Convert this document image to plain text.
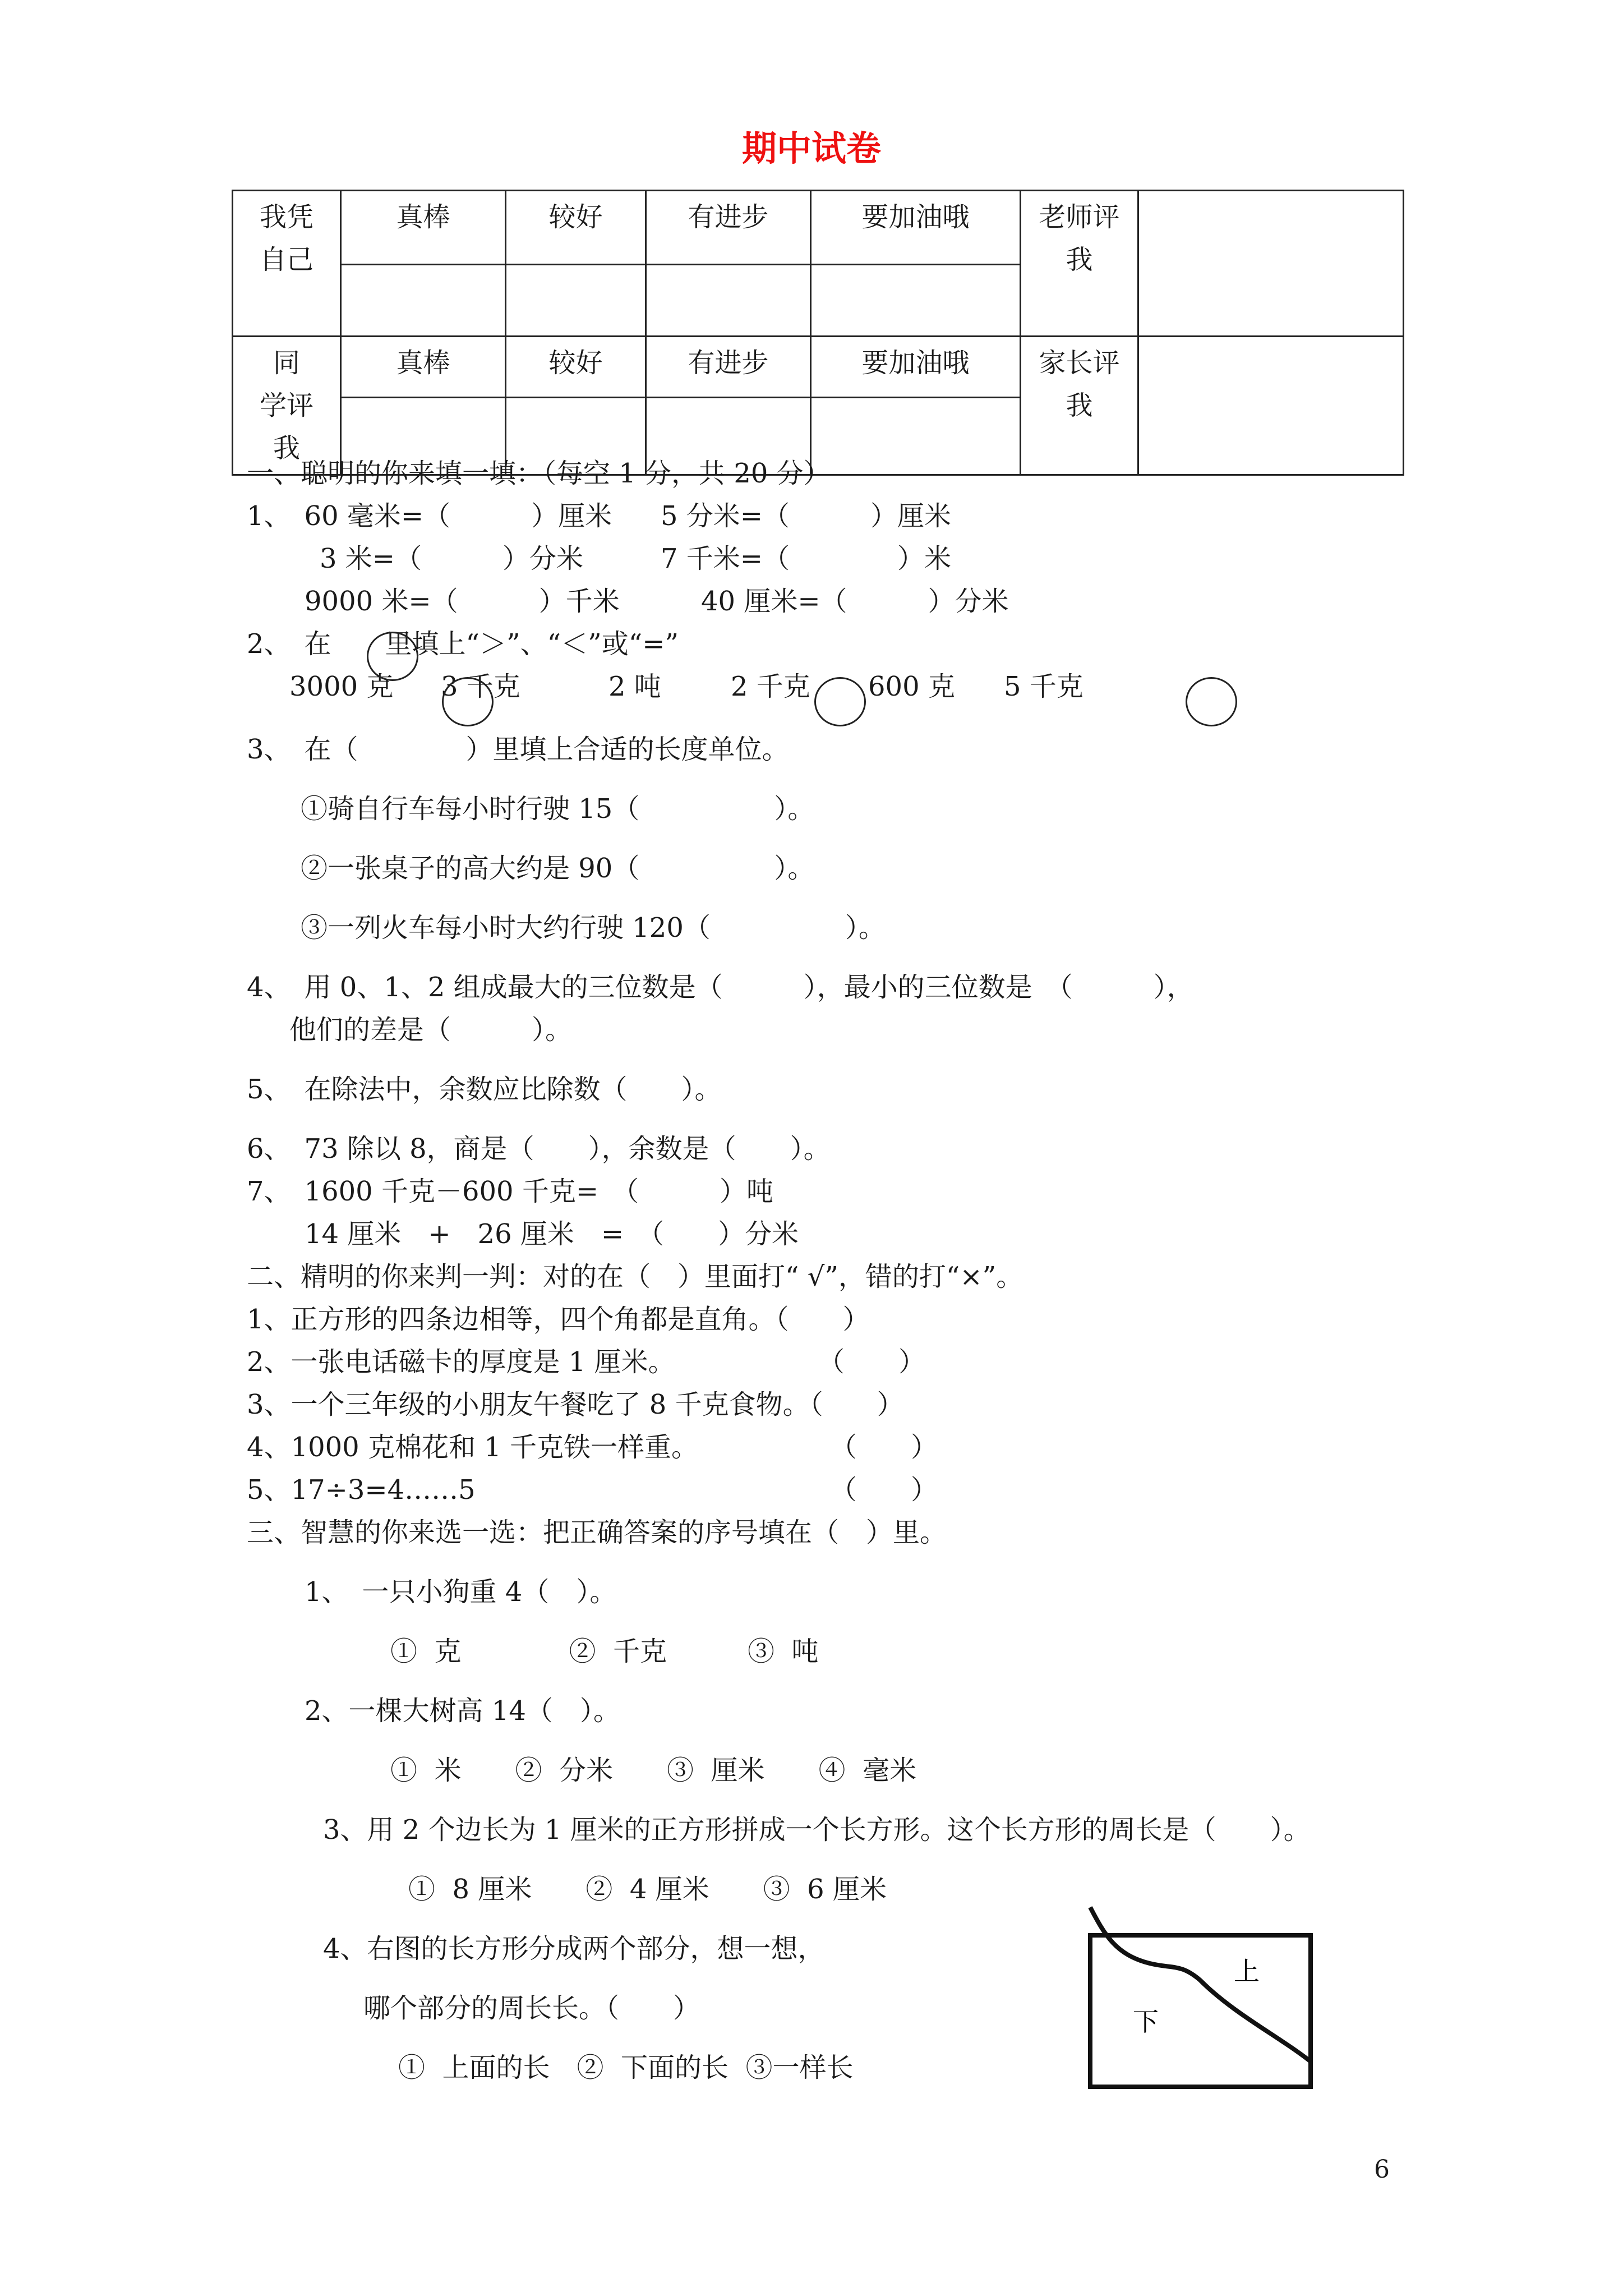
期中试卷
我凭自己	真棒	较好	有进步	要加油哦	老师评我	

同　学评我	真棒	较好	有进步	要加油哦	家长评我	

一、聪明的你来填一填：（每空 1 分，共 20 分）
1、　60 毫米=（　　　）厘米 5 分米=（　　　）厘米
3 米=（　　　）分米	7 千米=（　　　　）米
9000 米=（　　　）千米	40 厘米=（　　　）分米
2、　在　　里填上“＞”、“＜”或“=”
3000 克 3 千克	2 吨	2 千克 600 克 5 千克
3、　在（　　　　）里填上合适的长度单位。
①骑自行车每小时行驶 15（　　　　　）。
②一张桌子的高大约是 90（　　　　　）。
③一列火车每小时大约行驶 120（　　　　　）。
4、　用 0、1、2 组成最大的三位数是（　　　），最小的三位数是　（　　　），
他们的差是（　　　）。
5、　在除法中，余数应比除数（　　）。
6、　73 除以 8，商是（　　），余数是（　　）。
7、　1600 千克－600 千克=　（　　　）吨
14 厘米　+　26 厘米　=　（　　）分米
二、精明的你来判一判：对的在（　）里面打“ √”，错的打“×”。
1、正方形的四条边相等，四个角都是直角。（　　）
2、一张电话磁卡的厚度是 1 厘米。	（　　）
3、一个三年级的小朋友午餐吃了 8 千克食物。（　　）
4、1000 克棉花和 1 千克铁一样重。	（　　）
5、17÷3=4……5	（　　）
三、智慧的你来选一选：把正确答案的序号填在（　）里。
1、　一只小狗重 4（　）。
①  克　　　　②  千克　　　③  吨
2、一棵大树高 14（　）。
①  米　　②  分米　　③  厘米　　④  毫米
3、用 2 个边长为 1 厘米的正方形拼成一个长方形。这个长方形的周长是（　　）。
①  8 厘米　　②  4 厘米　　③  6 厘米
4、右图的长方形分成两个部分，想一想，
哪个部分的周长长。（　　）
①  上面的长　②  下面的长  ③一样长
上
下
6
